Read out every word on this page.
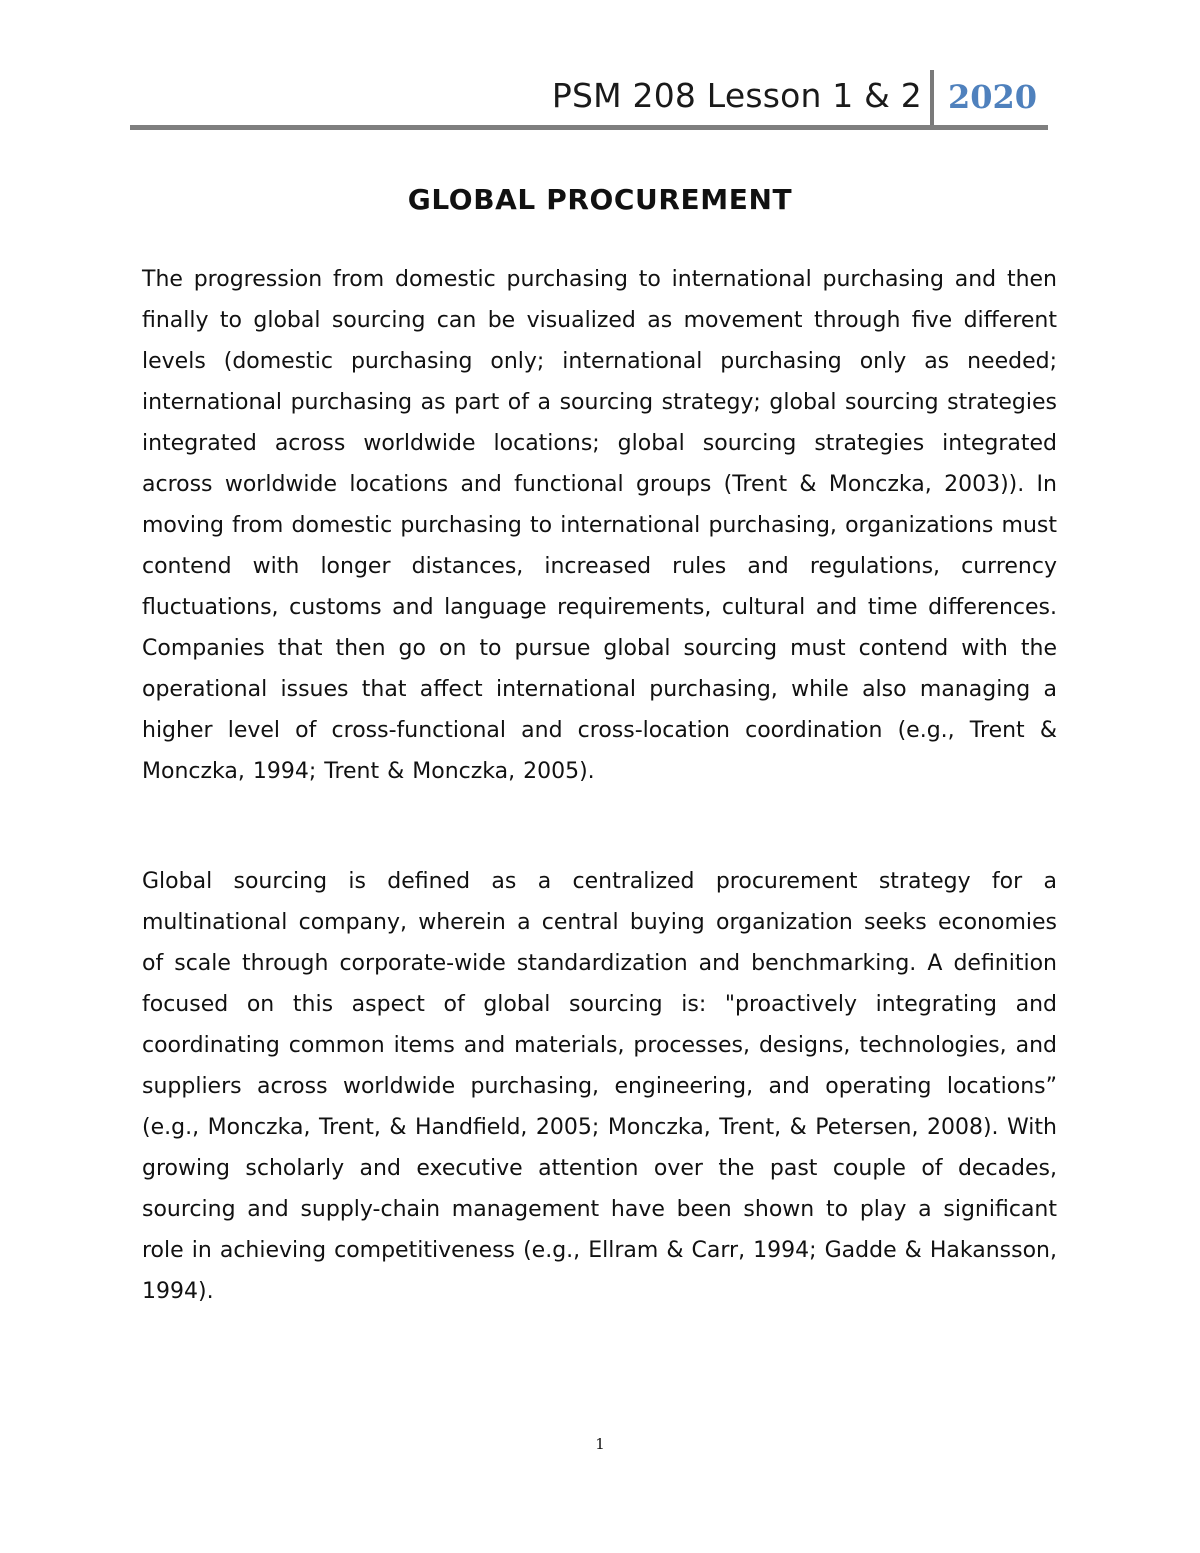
PSM 208 Lesson 1 & 2 2020
GLOBAL PROCUREMENT

The progression from domestic purchasing to international purchasing and then finally to global sourcing can be visualized as movement through five different levels (domestic purchasing only; international purchasing only as needed; international purchasing as part of a sourcing strategy; global sourcing strategies integrated across worldwide locations; global sourcing strategies integrated across worldwide locations and functional groups (Trent & Monczka, 2003)). In moving from domestic purchasing to international purchasing, organizations must contend with longer distances, increased rules and regulations, currency fluctuations, customs and language requirements, cultural and time differences. Companies that then go on to pursue global sourcing must contend with the operational issues that affect international purchasing, while also managing a higher level of cross-functional and cross-location coordination (e.g., Trent & Monczka, 1994; Trent & Monczka, 2005).

Global sourcing is defined as a centralized procurement strategy for a multinational company, wherein a central buying organization seeks economies of scale through corporate-wide standardization and benchmarking. A definition focused on this aspect of global sourcing is: "proactively integrating and coordinating common items and materials, processes, designs, technologies, and suppliers across worldwide purchasing, engineering, and operating locations” (e.g., Monczka, Trent, & Handfield, 2005; Monczka, Trent, & Petersen, 2008). With growing scholarly and executive attention over the past couple of decades, sourcing and supply-chain management have been shown to play a significant role in achieving competitiveness (e.g., Ellram & Carr, 1994; Gadde & Hakansson, 1994).

1
